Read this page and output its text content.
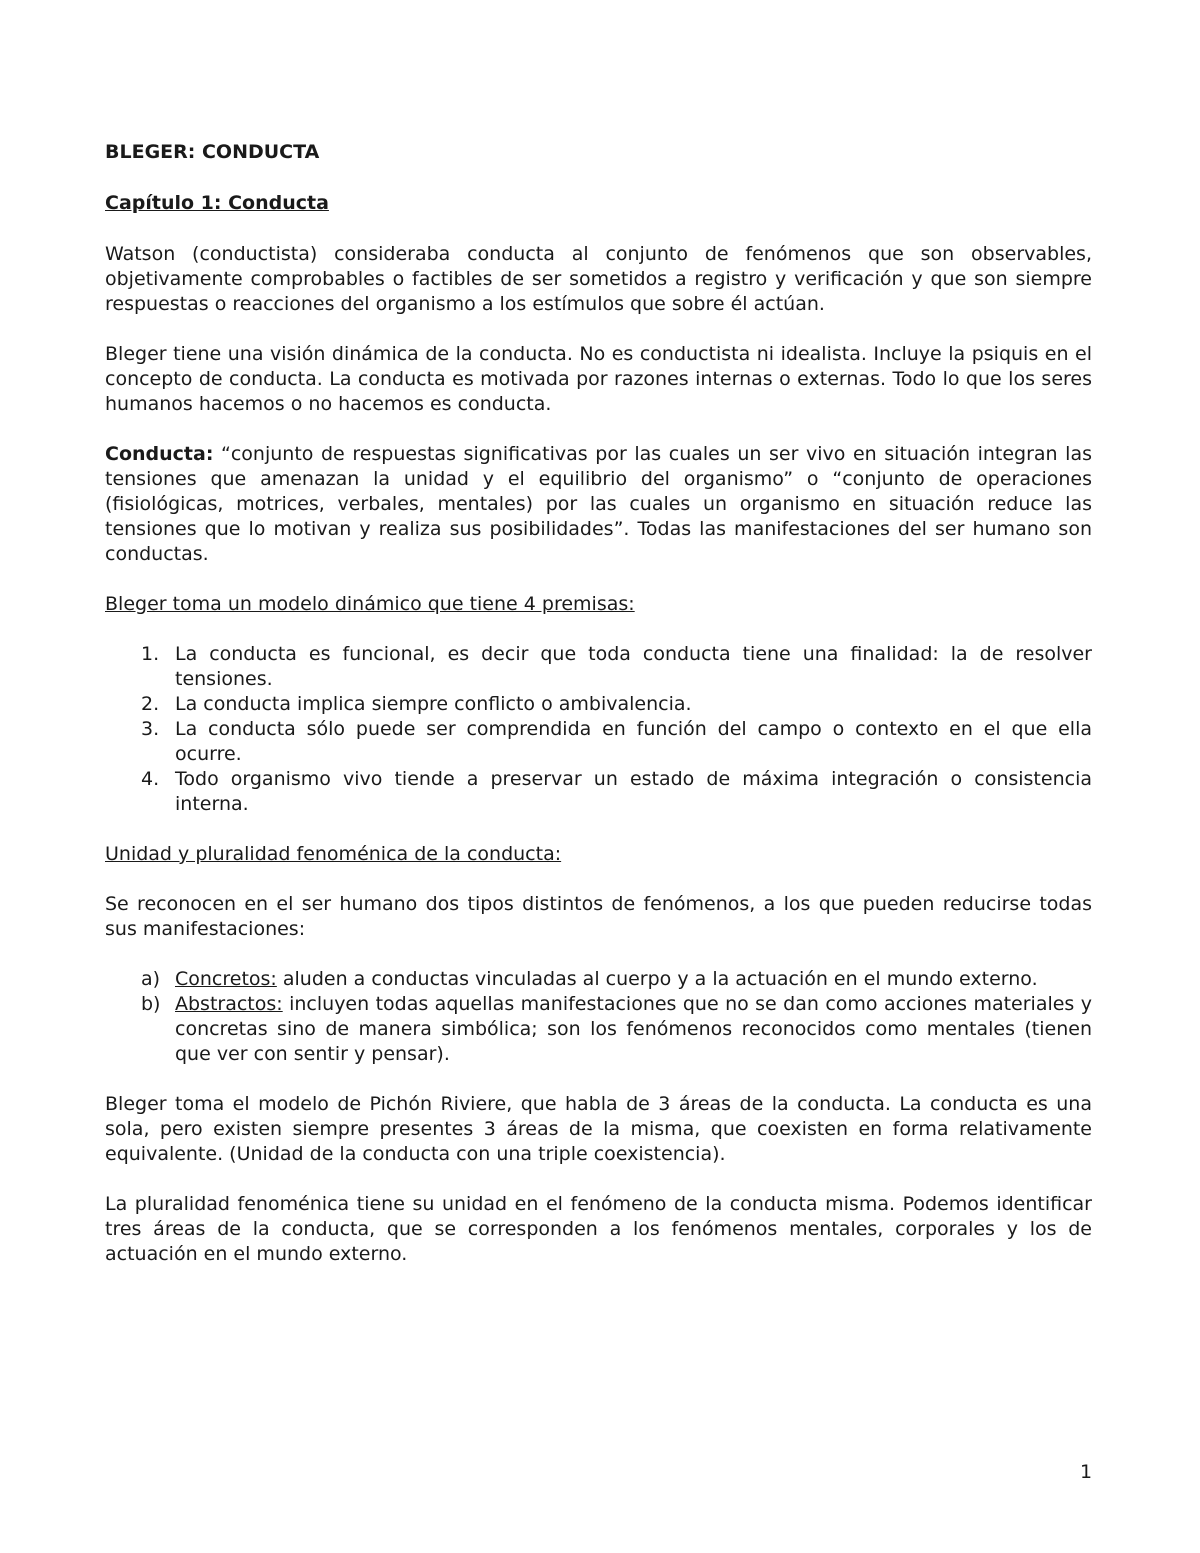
BLEGER: CONDUCTA
Capítulo 1: Conducta

Watson (conductista) consideraba conducta al conjunto de fenómenos que son observables, objetivamente comprobables o factibles de ser sometidos a registro y verificación y que son siempre respuestas o reacciones del organismo a los estímulos que sobre él actúan.

Bleger tiene una visión dinámica de la conducta. No es conductista ni idealista. Incluye la psiquis en el concepto de conducta. La conducta es motivada por razones internas o externas. Todo lo que los seres humanos hacemos o no hacemos es conducta.

Conducta: “conjunto de respuestas significativas por las cuales un ser vivo en situación integran las tensiones que amenazan la unidad y el equilibrio del organismo” o “conjunto de operaciones (fisiológicas, motrices, verbales, mentales) por las cuales un organismo en situación reduce las tensiones que lo motivan y realiza sus posibilidades”. Todas las manifestaciones del ser humano son conductas.

Bleger toma un modelo dinámico que tiene 4 premisas:
1. La conducta es funcional, es decir que toda conducta tiene una finalidad: la de resolver tensiones.
2. La conducta implica siempre conflicto o ambivalencia.
3. La conducta sólo puede ser comprendida en función del campo o contexto en el que ella ocurre.
4. Todo organismo vivo tiende a preservar un estado de máxima integración o consistencia interna.
Unidad y pluralidad fenoménica de la conducta:

Se reconocen en el ser humano dos tipos distintos de fenómenos, a los que pueden reducirse todas sus manifestaciones:

a) Concretos: aluden a conductas vinculadas al cuerpo y a la actuación en el mundo externo.
b) Abstractos: incluyen todas aquellas manifestaciones que no se dan como acciones materiales y concretas sino de manera simbólica; son los fenómenos reconocidos como mentales (tienen que ver con sentir y pensar).

Bleger toma el modelo de Pichón Riviere, que habla de 3 áreas de la conducta. La conducta es una sola, pero existen siempre presentes 3 áreas de la misma, que coexisten en forma relativamente equivalente. (Unidad de la conducta con una triple coexistencia).

La pluralidad fenoménica tiene su unidad en el fenómeno de la conducta misma. Podemos identificar tres áreas de la conducta, que se corresponden a los fenómenos mentales, corporales y los de actuación en el mundo externo.

1
